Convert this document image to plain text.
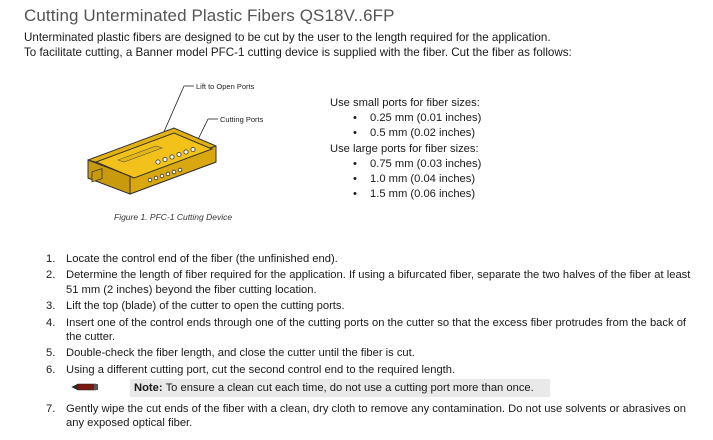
Cutting Unterminated Plastic Fibers QS18V..6FP
Unterminated plastic fibers are designed to be cut by the user to the length required for the application.
To facilitate cutting, a Banner model PFC-1 cutting device is supplied with the fiber. Cut the fiber as follows:
Lift to Open Ports
Cutting Ports
Figure 1. PFC-1 Cutting Device
Use small ports for fiber sizes:
• 0.25 mm (0.01 inches)
• 0.5 mm (0.02 inches)
Use large ports for fiber sizes:
• 0.75 mm (0.03 inches)
• 1.0 mm (0.04 inches)
• 1.5 mm (0.06 inches)
1. Locate the control end of the fiber (the unfinished end).
2. Determine the length of fiber required for the application. If using a bifurcated fiber, separate the two halves of the fiber at least 51 mm (2 inches) beyond the fiber cutting location.
3. Lift the top (blade) of the cutter to open the cutting ports.
4. Insert one of the control ends through one of the cutting ports on the cutter so that the excess fiber protrudes from the back of the cutter.
5. Double-check the fiber length, and close the cutter until the fiber is cut.
6. Using a different cutting port, cut the second control end to the required length.
Note: To ensure a clean cut each time, do not use a cutting port more than once.
7. Gently wipe the cut ends of the fiber with a clean, dry cloth to remove any contamination. Do not use solvents or abrasives on any exposed optical fiber.
